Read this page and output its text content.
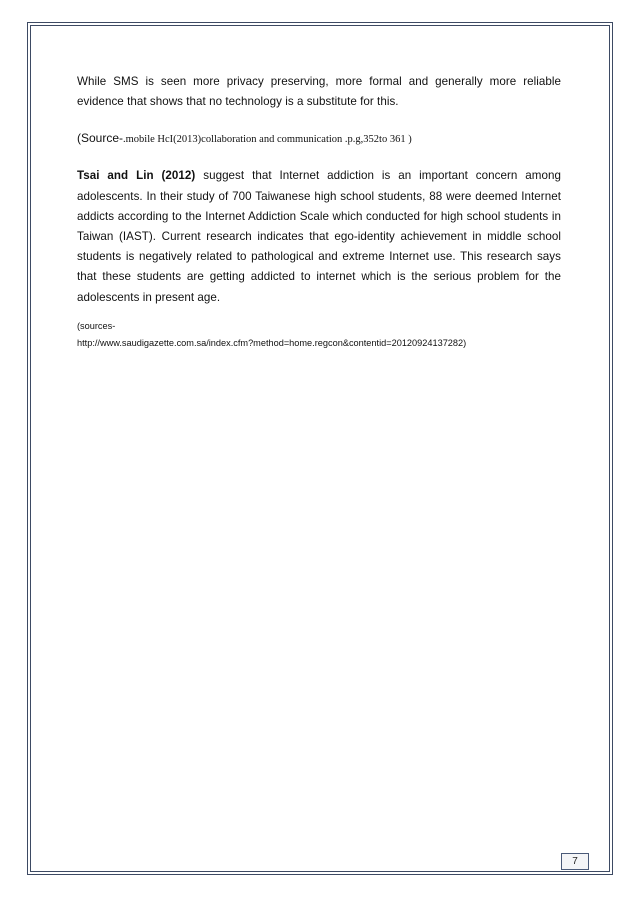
While SMS is seen more privacy preserving, more formal and generally more reliable evidence that shows that no technology is a substitute for this.

(Source-.mobile HcI(2013)collaboration and communication .p.g,352to 361 )

Tsai and Lin (2012) suggest that Internet addiction is an important concern among adolescents. In their study of 700 Taiwanese high school students, 88 were deemed Internet addicts according to the Internet Addiction Scale which conducted for high school students in Taiwan (IAST). Current research indicates that ego-identity achievement in middle school students is negatively related to pathological and extreme Internet use. This research says that these students are getting addicted to internet which is the serious problem for the adolescents in present age.

(sources-
http://www.saudigazette.com.sa/index.cfm?method=home.regcon&contentid=20120924137282)
7
